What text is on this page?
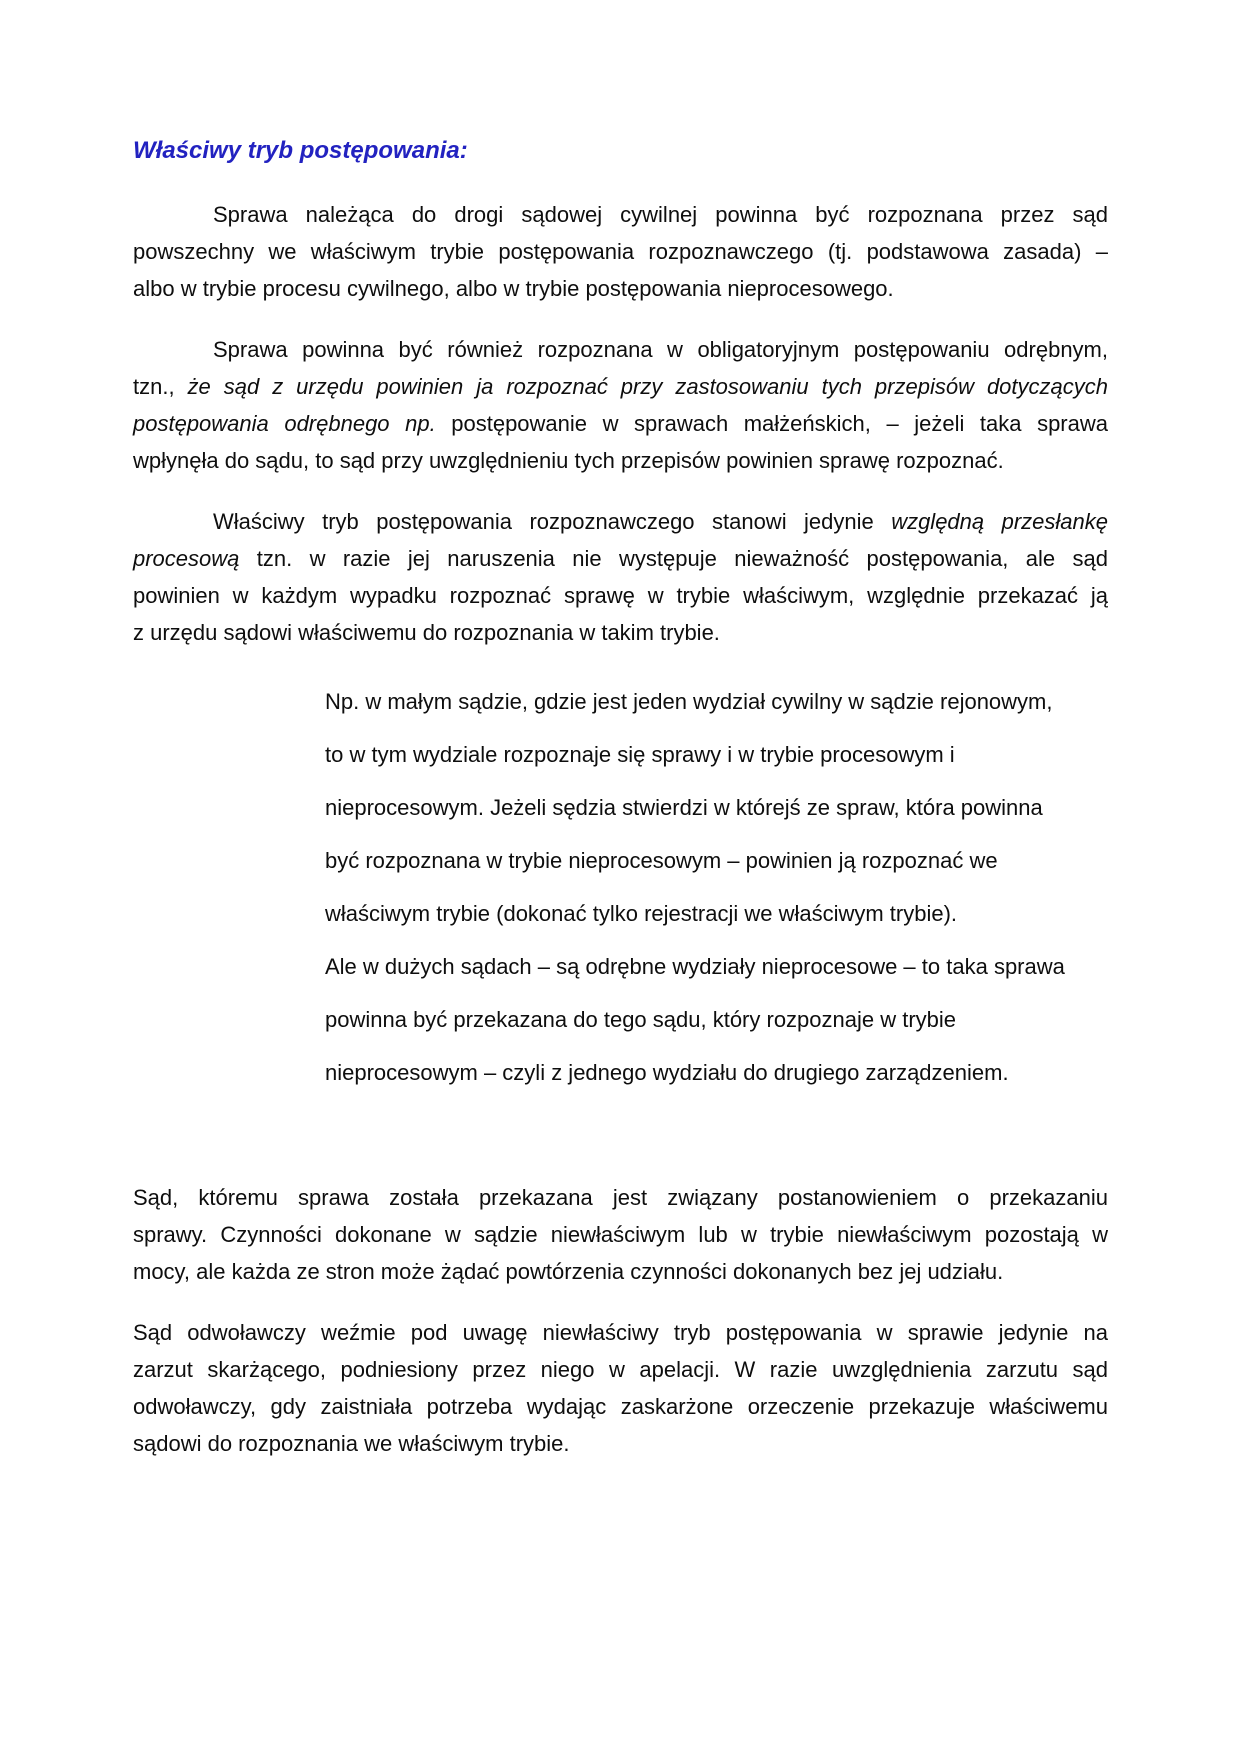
Właściwy tryb postępowania:
Sprawa należąca do drogi sądowej cywilnej powinna być rozpoznana przez sąd
powszechny we właściwym trybie postępowania rozpoznawczego (tj. podstawowa zasada) –
albo w trybie procesu cywilnego, albo w trybie postępowania nieprocesowego.
Sprawa powinna być również rozpoznana w obligatoryjnym postępowaniu odrębnym,
tzn., że sąd z urzędu powinien ja rozpoznać przy zastosowaniu tych przepisów dotyczących
postępowania odrębnego np. postępowanie w sprawach małżeńskich, – jeżeli taka sprawa
wpłynęła do sądu, to sąd przy uwzględnieniu tych przepisów powinien sprawę rozpoznać.
Właściwy tryb postępowania rozpoznawczego stanowi jedynie względną przesłankę
procesową tzn. w razie jej naruszenia nie występuje nieważność postępowania, ale sąd
powinien w każdym wypadku rozpoznać sprawę w trybie właściwym, względnie przekazać ją
z urzędu sądowi właściwemu do rozpoznania w takim trybie.
Np. w małym sądzie, gdzie jest jeden wydział cywilny w sądzie rejonowym,
to w tym wydziale rozpoznaje się sprawy i w trybie procesowym i
nieprocesowym. Jeżeli sędzia stwierdzi w którejś ze spraw, która powinna
być rozpoznana w trybie nieprocesowym – powinien ją rozpoznać we
właściwym trybie (dokonać tylko rejestracji we właściwym trybie).
Ale w dużych sądach – są odrębne wydziały nieprocesowe – to taka sprawa
powinna być przekazana do tego sądu, który rozpoznaje w trybie
nieprocesowym – czyli z jednego wydziału do drugiego zarządzeniem.
Sąd, któremu sprawa została przekazana jest związany postanowieniem o przekazaniu
sprawy. Czynności dokonane w sądzie niewłaściwym lub w trybie niewłaściwym pozostają w
mocy, ale każda ze stron może żądać powtórzenia czynności dokonanych bez jej udziału.
Sąd odwoławczy weźmie pod uwagę niewłaściwy tryb postępowania w sprawie jedynie na
zarzut skarżącego, podniesiony przez niego w apelacji. W razie uwzględnienia zarzutu sąd
odwoławczy, gdy zaistniała potrzeba wydając zaskarżone orzeczenie przekazuje właściwemu
sądowi do rozpoznania we właściwym trybie.
